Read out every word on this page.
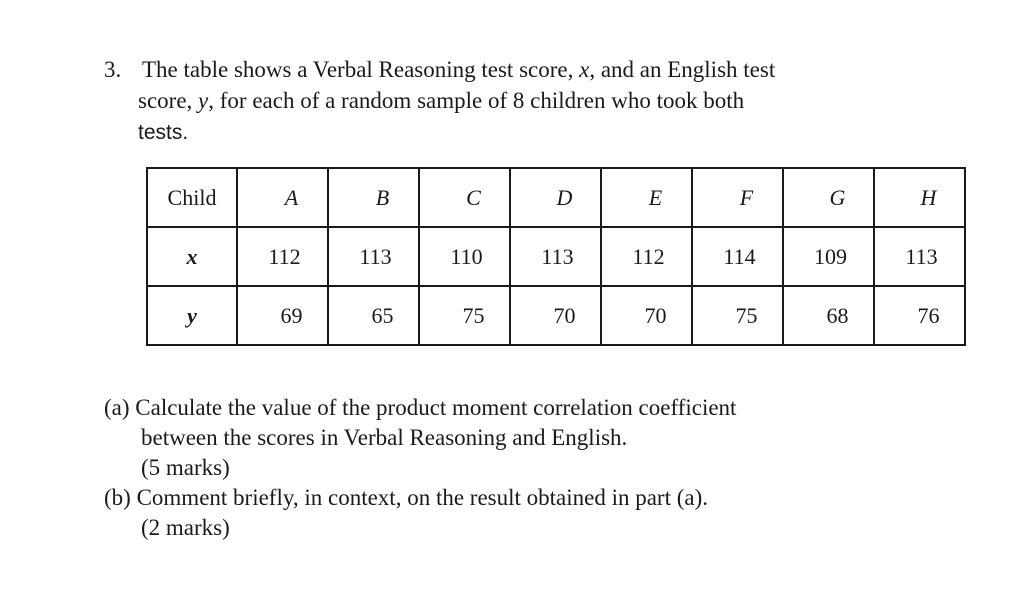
3. The table shows a Verbal Reasoning test score, x, and an English test
score, y, for each of a random sample of 8 children who took both
tests.
Child	A	B	C	D	E	F	G	H
x	112	113	110	113	112	114	109	113
y	69	65	75	70	70	75	68	76
(a) Calculate the value of the product moment correlation coefficient
between the scores in Verbal Reasoning and English.
(5 marks)
(b) Comment briefly, in context, on the result obtained in part (a).
(2 marks)
